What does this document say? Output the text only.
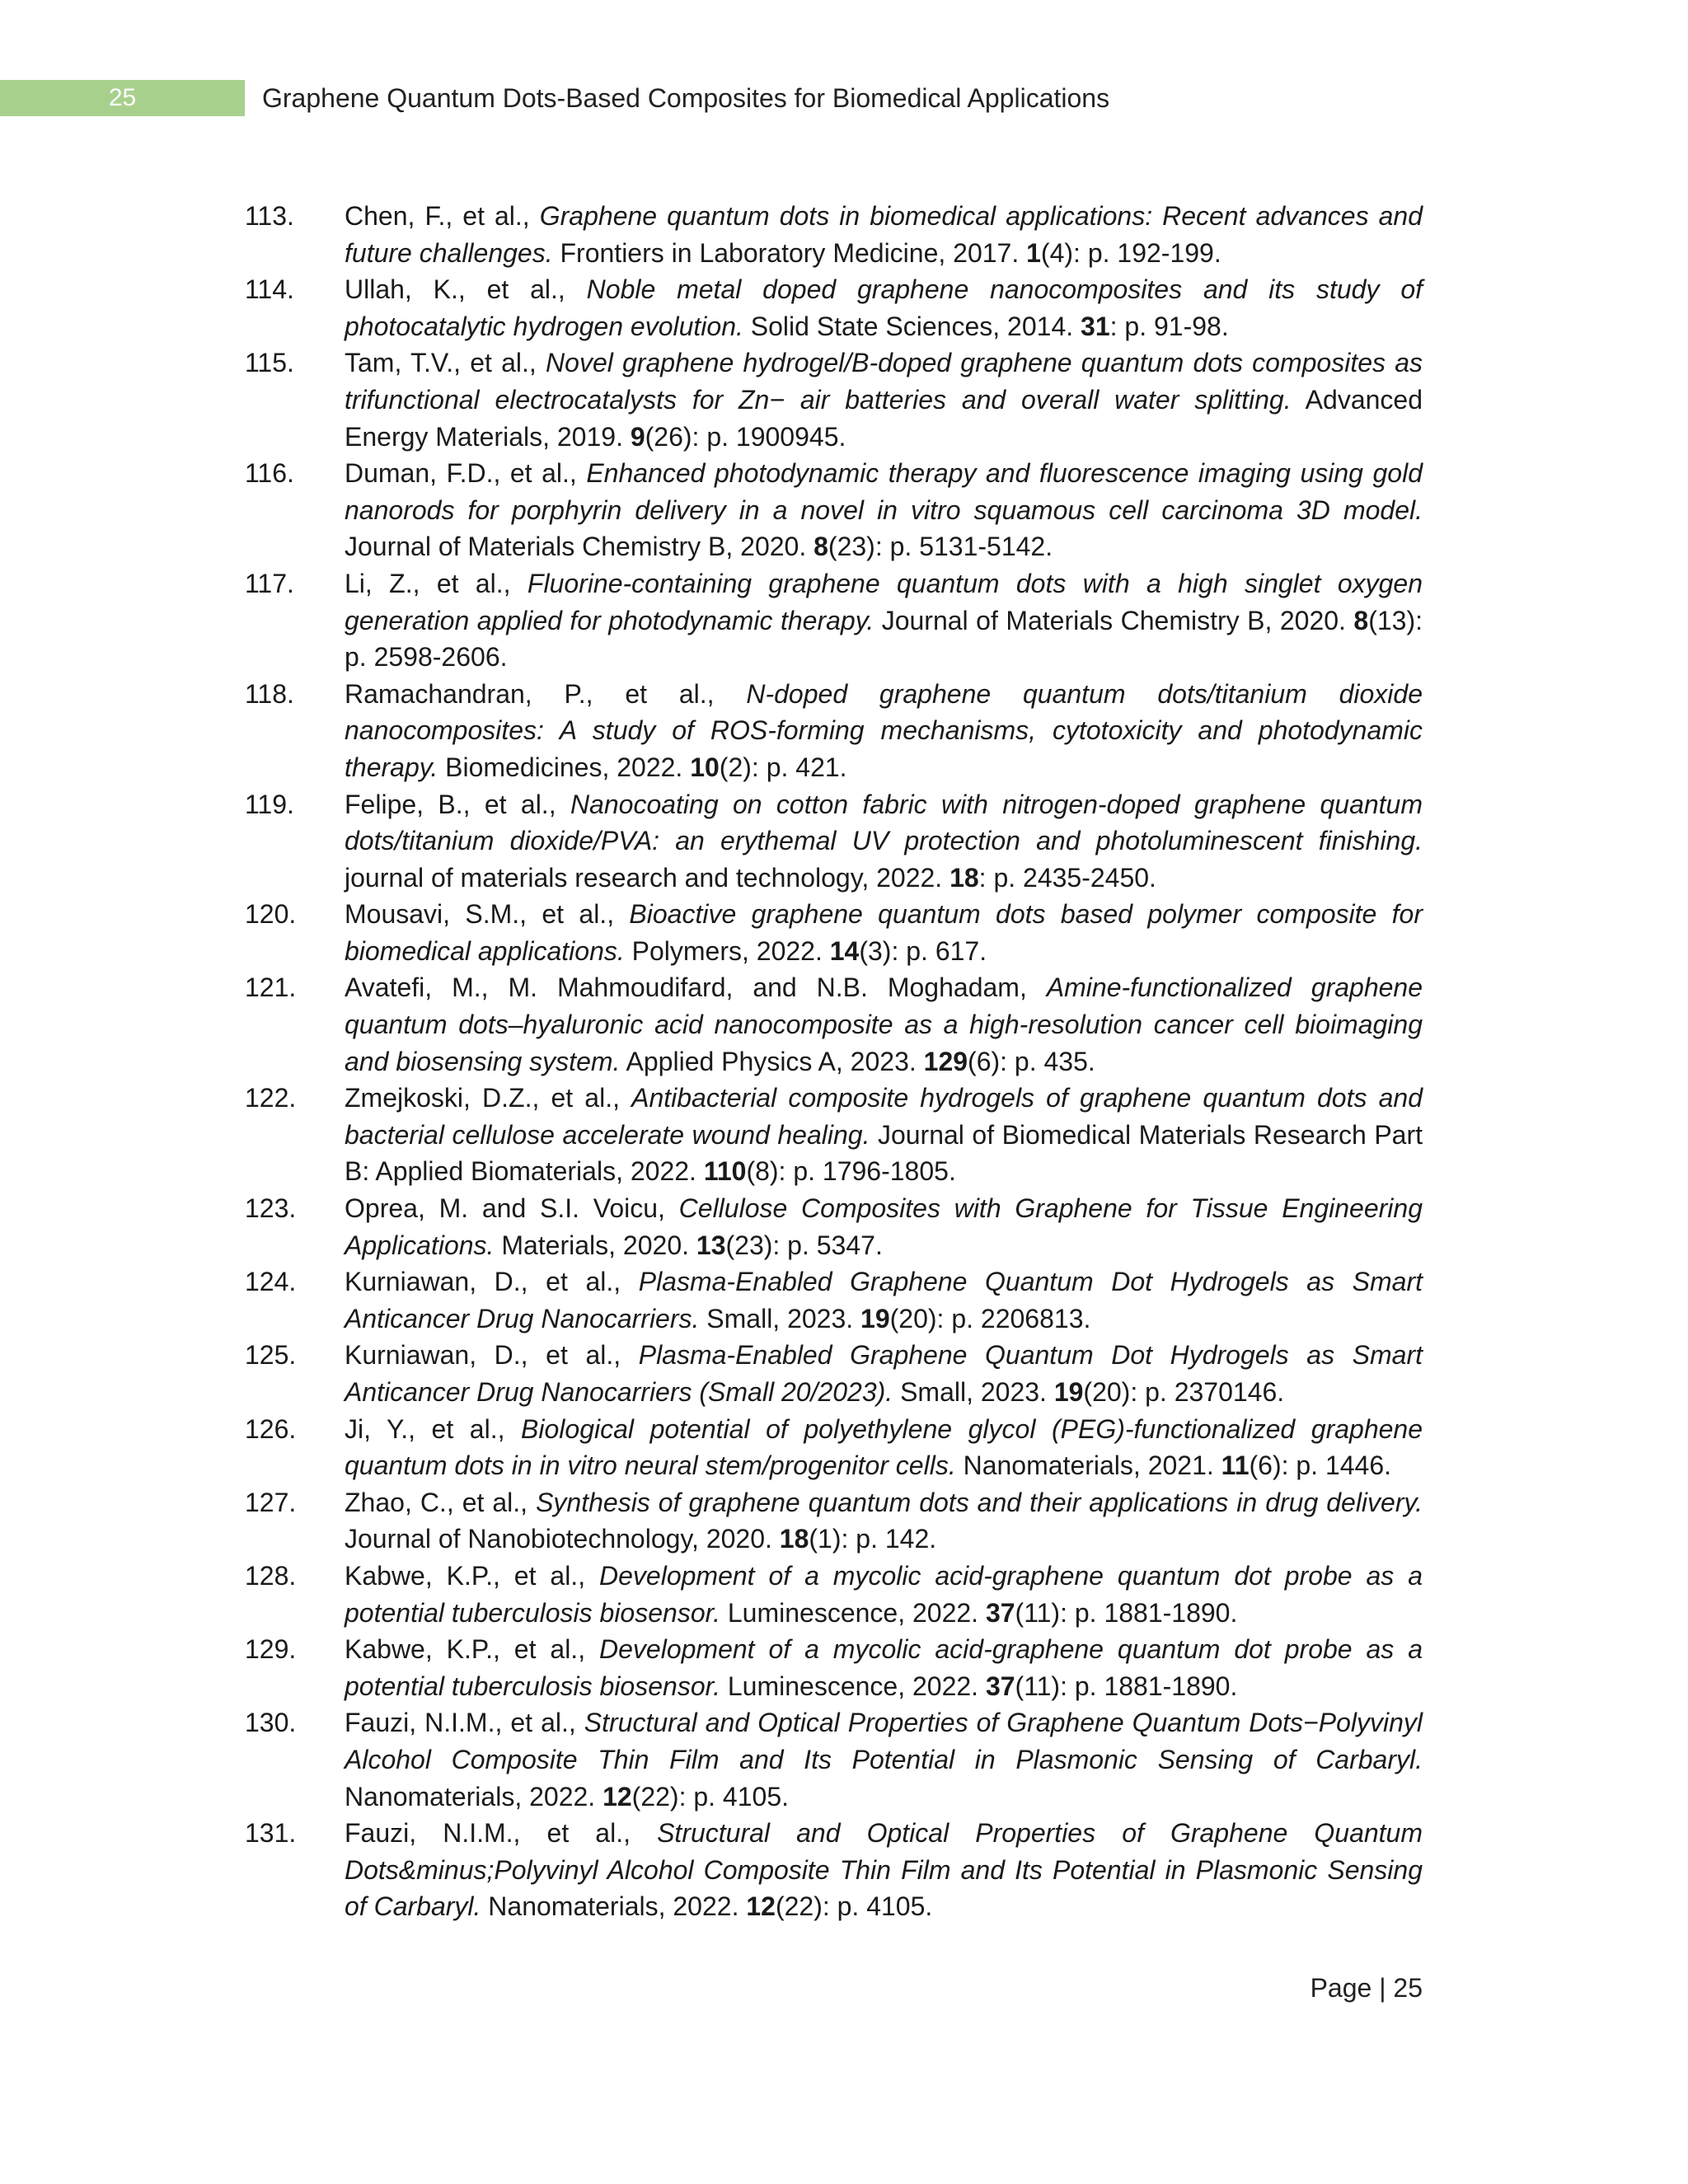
25	Graphene Quantum Dots-Based Composites for Biomedical Applications
113.	Chen, F., et al., Graphene quantum dots in biomedical applications: Recent advances and future challenges. Frontiers in Laboratory Medicine, 2017. 1(4): p. 192-199.
114.	Ullah, K., et al., Noble metal doped graphene nanocomposites and its study of photocatalytic hydrogen evolution. Solid State Sciences, 2014. 31: p. 91-98.
115.	Tam, T.V., et al., Novel graphene hydrogel/B-doped graphene quantum dots composites as trifunctional electrocatalysts for Zn− air batteries and overall water splitting. Advanced Energy Materials, 2019. 9(26): p. 1900945.
116.	Duman, F.D., et al., Enhanced photodynamic therapy and fluorescence imaging using gold nanorods for porphyrin delivery in a novel in vitro squamous cell carcinoma 3D model. Journal of Materials Chemistry B, 2020. 8(23): p. 5131-5142.
117.	Li, Z., et al., Fluorine-containing graphene quantum dots with a high singlet oxygen generation applied for photodynamic therapy. Journal of Materials Chemistry B, 2020. 8(13): p. 2598-2606.
118.	Ramachandran, P., et al., N-doped graphene quantum dots/titanium dioxide nanocomposites: A study of ROS-forming mechanisms, cytotoxicity and photodynamic therapy. Biomedicines, 2022. 10(2): p. 421.
119.	Felipe, B., et al., Nanocoating on cotton fabric with nitrogen-doped graphene quantum dots/titanium dioxide/PVA: an erythemal UV protection and photoluminescent finishing. journal of materials research and technology, 2022. 18: p. 2435-2450.
120.	Mousavi, S.M., et al., Bioactive graphene quantum dots based polymer composite for biomedical applications. Polymers, 2022. 14(3): p. 617.
121.	Avatefi, M., M. Mahmoudifard, and N.B. Moghadam, Amine-functionalized graphene quantum dots–hyaluronic acid nanocomposite as a high-resolution cancer cell bioimaging and biosensing system. Applied Physics A, 2023. 129(6): p. 435.
122.	Zmejkoski, D.Z., et al., Antibacterial composite hydrogels of graphene quantum dots and bacterial cellulose accelerate wound healing. Journal of Biomedical Materials Research Part B: Applied Biomaterials, 2022. 110(8): p. 1796-1805.
123.	Oprea, M. and S.I. Voicu, Cellulose Composites with Graphene for Tissue Engineering Applications. Materials, 2020. 13(23): p. 5347.
124.	Kurniawan, D., et al., Plasma-Enabled Graphene Quantum Dot Hydrogels as Smart Anticancer Drug Nanocarriers. Small, 2023. 19(20): p. 2206813.
125.	Kurniawan, D., et al., Plasma-Enabled Graphene Quantum Dot Hydrogels as Smart Anticancer Drug Nanocarriers (Small 20/2023). Small, 2023. 19(20): p. 2370146.
126.	Ji, Y., et al., Biological potential of polyethylene glycol (PEG)-functionalized graphene quantum dots in in vitro neural stem/progenitor cells. Nanomaterials, 2021. 11(6): p. 1446.
127.	Zhao, C., et al., Synthesis of graphene quantum dots and their applications in drug delivery. Journal of Nanobiotechnology, 2020. 18(1): p. 142.
128.	Kabwe, K.P., et al., Development of a mycolic acid-graphene quantum dot probe as a potential tuberculosis biosensor. Luminescence, 2022. 37(11): p. 1881-1890.
129.	Kabwe, K.P., et al., Development of a mycolic acid-graphene quantum dot probe as a potential tuberculosis biosensor. Luminescence, 2022. 37(11): p. 1881-1890.
130.	Fauzi, N.I.M., et al., Structural and Optical Properties of Graphene Quantum Dots−Polyvinyl Alcohol Composite Thin Film and Its Potential in Plasmonic Sensing of Carbaryl. Nanomaterials, 2022. 12(22): p. 4105.
131.	Fauzi, N.I.M., et al., Structural and Optical Properties of Graphene Quantum Dots&minus;Polyvinyl Alcohol Composite Thin Film and Its Potential in Plasmonic Sensing of Carbaryl. Nanomaterials, 2022. 12(22): p. 4105.
Page | 25
